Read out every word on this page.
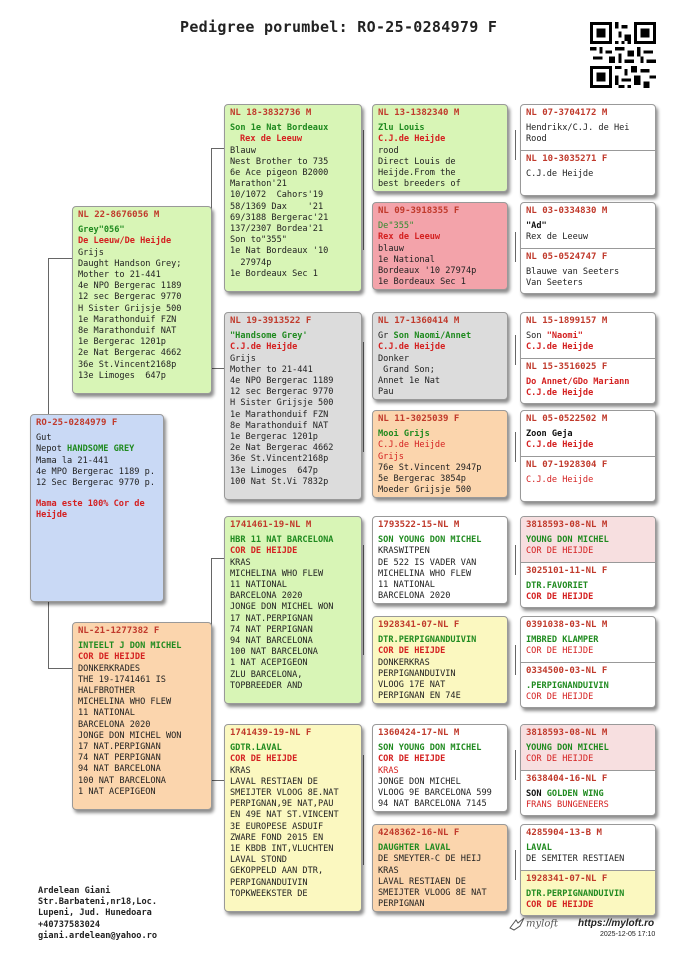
Pedigree porumbel: RO-25-0284979 F
RO-25-0284979 F
Gut
Nepot HANDSOME GREY
Mama la 21-441
4e MPO Bergerac 1189 p.
12 Sec Bergerac 9770 p.
Mama este 100% Cor de Heijde
NL 22-8676056 M
Grey"056"
De Leeuw/De Heijde
Grijs
Daught Handson Grey;
Mother to 21-441
4e NPO Bergerac 1189
12 sec Bergerac 9770
H Sister Grijsje 500
1e Marathonduif FZN
8e Marathonduif NAT
1e Bergerac 1201p
2e Nat Bergerac 4662
36e St.Vincent2168p
13e Limoges  647p
NL-21-1277382 F
INTEELT J DON MICHEL
COR DE HEIJDE
DONKERKRADES
THE 19-1741461 IS
HALFBROTHER
MICHELINA WHO FLEW
11 NATIONAL
BARCELONA 2020
JONGE DON MICHEL WON
17 NAT.PERPIGNAN
74 NAT PERPIGNAN
94 NAT BARCELONA
100 NAT BARCELONA
1 NAT ACEPIGEON
NL 18-3832736 M
Son 1e Nat Bordeaux
Rex de Leeuw
Blauw
Nest Brother to 735
6e Ace pigeon B2000
Marathon'21
10/1072  Cahors'19
58/1369 Dax    '21
69/3188 Bergerac'21
137/2307 Bordea'21
Son to"355"
1e Nat Bordeaux '10
27974p
1e Bordeaux Sec 1
NL 19-3913522 F
"Handsome Grey'
C.J.de Heijde
Grijs
Mother to 21-441
4e NPO Bergerac 1189
12 sec Bergerac 9770
H Sister Grijsje 500
1e Marathonduif FZN
8e Marathonduif NAT
1e Bergerac 1201p
2e Nat Bergerac 4662
36e St.Vincent2168p
13e Limoges  647p
100 Nat St.Vi 7832p
1741461-19-NL M
HBR 11 NAT BARCELONA
COR DE HEIJDE
KRAS
MICHELINA WHO FLEW
11 NATIONAL
BARCELONA 2020
JONGE DON MICHEL WON
17 NAT.PERPIGNAN
74 NAT PERPIGNAN
94 NAT BARCELONA
100 NAT BARCELONA
1 NAT ACEPIGEON
ZLU BARCELONA,
TOPBREEDER AND
1741439-19-NL F
GDTR.LAVAL
COR DE HEIJDE
KRAS
LAVAL RESTIAEN DE
SMEIJTER VLOOG 8E.NAT
PERPIGNAN,9E NAT,PAU
EN 49E NAT ST.VINCENT
3E EUROPESE ASDUIF
ZWARE FOND 2015 EN
1E KBDB INT,VLUCHTEN
LAVAL STOND
GEKOPPELD AAN DTR,
PERPIGNANDUIVIN
TOPKWEEKSTER DE
NL 13-1382340 M
Zlu Louis
C.J.de Heijde
rood
Direct Louis de
Heijde.From the
best breeders of
NL 09-3918355 F
De"355"
Rex de Leeuw
blauw
1e National
Bordeaux '10 27974p
1e Bordeaux Sec 1
NL 17-1360414 M
Gr Son Naomi/Annet
C.J.de Heijde
Donker
Grand Son;
Annet 1e Nat
Pau
NL 11-3025039 F
Mooi Grijs
C.J.de Heijde
Grijs
76e St.Vincent 2947p
5e Bergerac 3854p
Moeder Grijsje 500
1793522-15-NL M
SON YOUNG DON MICHEL
KRASWITPEN
DE 522 IS VADER VAN
MICHELINA WHO FLEW
11 NATIONAL
BARCELONA 2020
1928341-07-NL F
DTR.PERPIGNANDUIVIN
COR DE HEIJDE
DONKERKRAS
PERPIGNANDUIVIN
VLOOG 17E NAT
PERPIGNAN EN 74E
1360424-17-NL M
SON YOUNG DON MICHEL
COR DE HEIJDE
KRAS
JONGE DON MICHEL
VLOOG 9E BARCELONA 599
94 NAT BARCELONA 7145
4248362-16-NL F
DAUGHTER LAVAL
DE SMEYTER-C DE HEIJ
KRAS
LAVAL RESTIAEN DE
SMEIJTER VLOOG 8E NAT
PERPIGNAN
NL 07-3704172 M
Hendrikx/C.J. de Hei
Rood
NL 10-3035271 F
C.J.de Heijde
NL 03-0334830 M
"Ad"
Rex de Leeuw
NL 05-0524747 F
Blauwe van Seeters
Van Seeters
NL 15-1899157 M
Son "Naomi"
C.J.de Heijde
NL 15-3516025 F
Do Annet/GDo Mariann
C.J.de Heijde
NL 05-0522502 M
Zoon Geja
C.J.de Heijde
NL 07-1928304 F
C.J.de Heijde
3818593-08-NL M
YOUNG DON MICHEL
COR DE HEIJDE
3025101-11-NL F
DTR.FAVORIET
COR DE HEIJDE
0391038-03-NL M
IMBRED KLAMPER
COR DE HEIJDE
0334500-03-NL F
.PERPIGNANDUIVIN
COR DE HEIJDE
3818593-08-NL M
YOUNG DON MICHEL
COR DE HEIJDE
3638404-16-NL F
SON GOLDEN WING
FRANS BUNGENEERS
4285904-13-B M
LAVAL
DE SEMITER RESTIAEN
1928341-07-NL F
DTR.PERPIGNANDUIVIN
COR DE HEIJDE
Ardelean Giani
Str.Barbateni,nr18,Loc.
Lupeni, Jud. Hunedoara
+40737583024
giani.ardelean@yahoo.ro
myloft https://myloft.ro
2025-12-05 17:10
